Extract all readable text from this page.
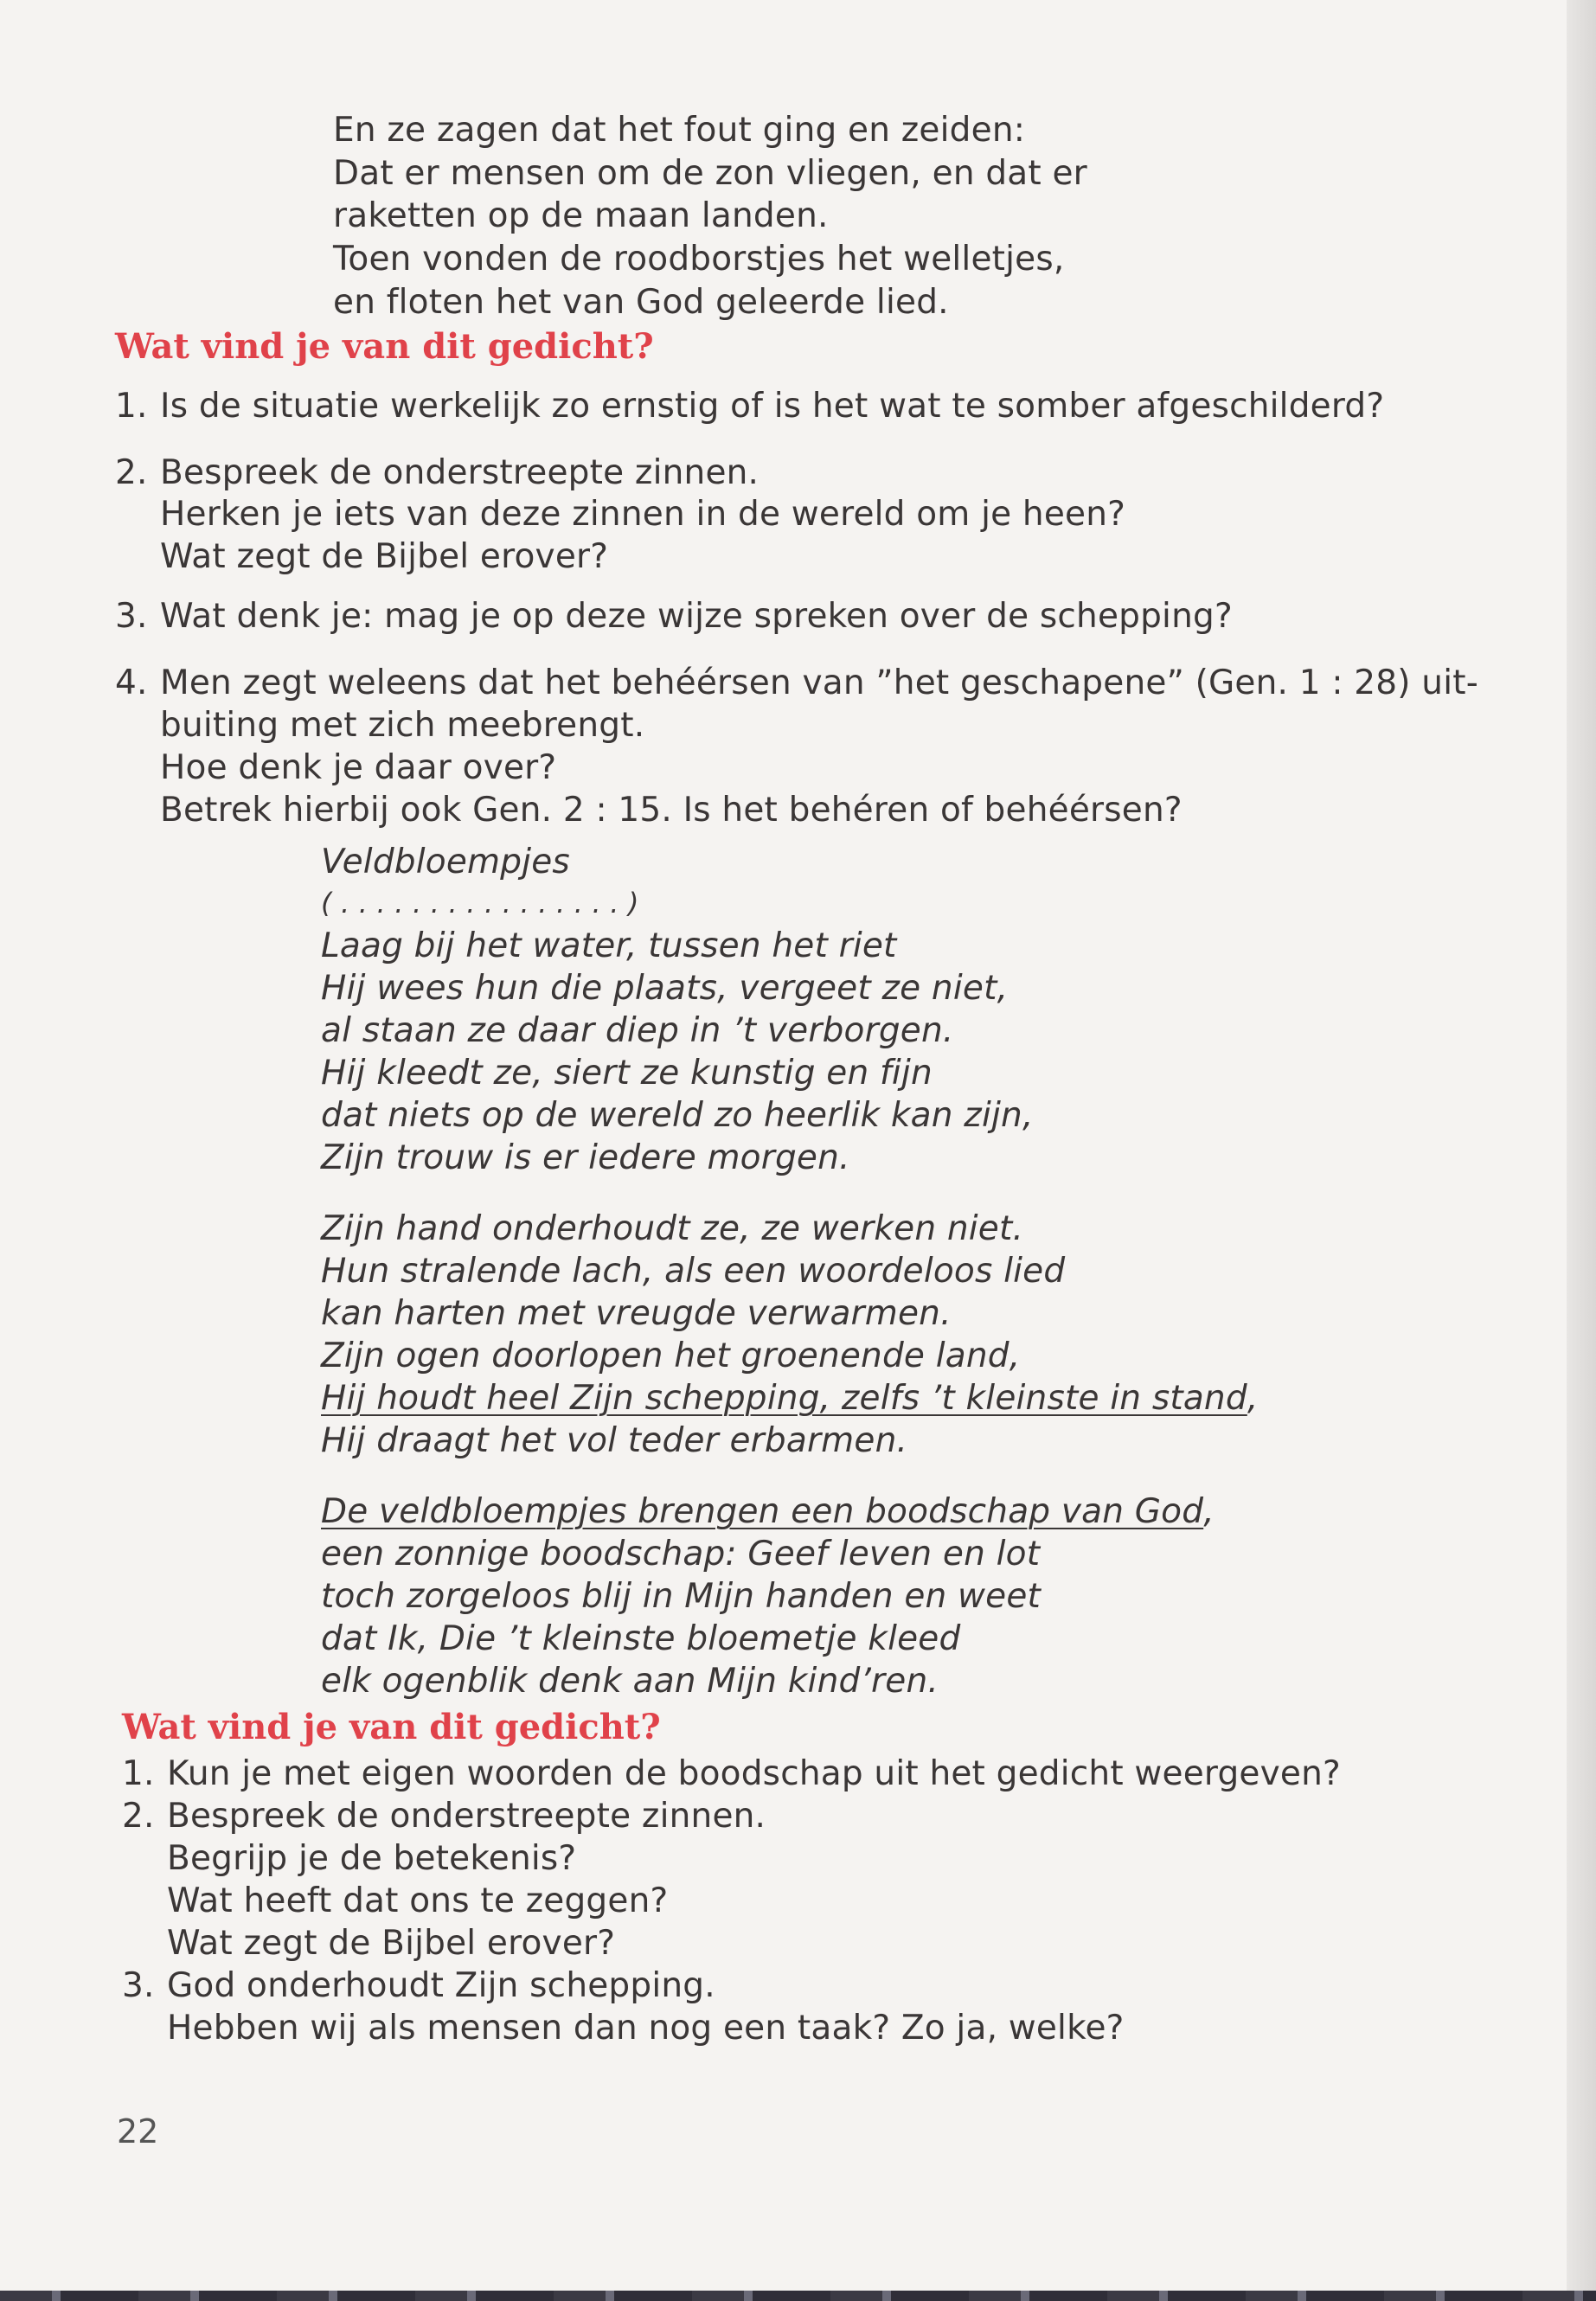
En ze zagen dat het fout ging en zeiden:
Dat er mensen om de zon vliegen, en dat er
raketten op de maan landen.
Toen vonden de roodborstjes het welletjes,
en floten het van God geleerde lied.
Wat vind je van dit gedicht?
1. Is de situatie werkelijk zo ernstig of is het wat te somber afgeschilderd?
2. Bespreek de onderstreepte zinnen.
Herken je iets van deze zinnen in de wereld om je heen?
Wat zegt de Bijbel erover?
3. Wat denk je: mag je op deze wijze spreken over de schepping?
4. Men zegt weleens dat het behéérsen van ”het geschapene” (Gen. 1 : 28) uit-
buiting met zich meebrengt.
Hoe denk je daar over?
Betrek hierbij ook Gen. 2 : 15. Is het behéren of behéérsen?
Veldbloempjes
( . . . . . . . . . . . . . . . . )
Laag bij het water, tussen het riet
Hij wees hun die plaats, vergeet ze niet,
al staan ze daar diep in ’t verborgen.
Hij kleedt ze, siert ze kunstig en fijn
dat niets op de wereld zo heerlik kan zijn,
Zijn trouw is er iedere morgen.
Zijn hand onderhoudt ze, ze werken niet.
Hun stralende lach, als een woordeloos lied
kan harten met vreugde verwarmen.
Zijn ogen doorlopen het groenende land,
Hij houdt heel Zijn schepping, zelfs ’t kleinste in stand,
Hij draagt het vol teder erbarmen.
De veldbloempjes brengen een boodschap van God,
een zonnige boodschap: Geef leven en lot
toch zorgeloos blij in Mijn handen en weet
dat Ik, Die ’t kleinste bloemetje kleed
elk ogenblik denk aan Mijn kind’ren.
Wat vind je van dit gedicht?
1. Kun je met eigen woorden de boodschap uit het gedicht weergeven?
2. Bespreek de onderstreepte zinnen.
Begrijp je de betekenis?
Wat heeft dat ons te zeggen?
Wat zegt de Bijbel erover?
3. God onderhoudt Zijn schepping.
Hebben wij als mensen dan nog een taak? Zo ja, welke?
22
